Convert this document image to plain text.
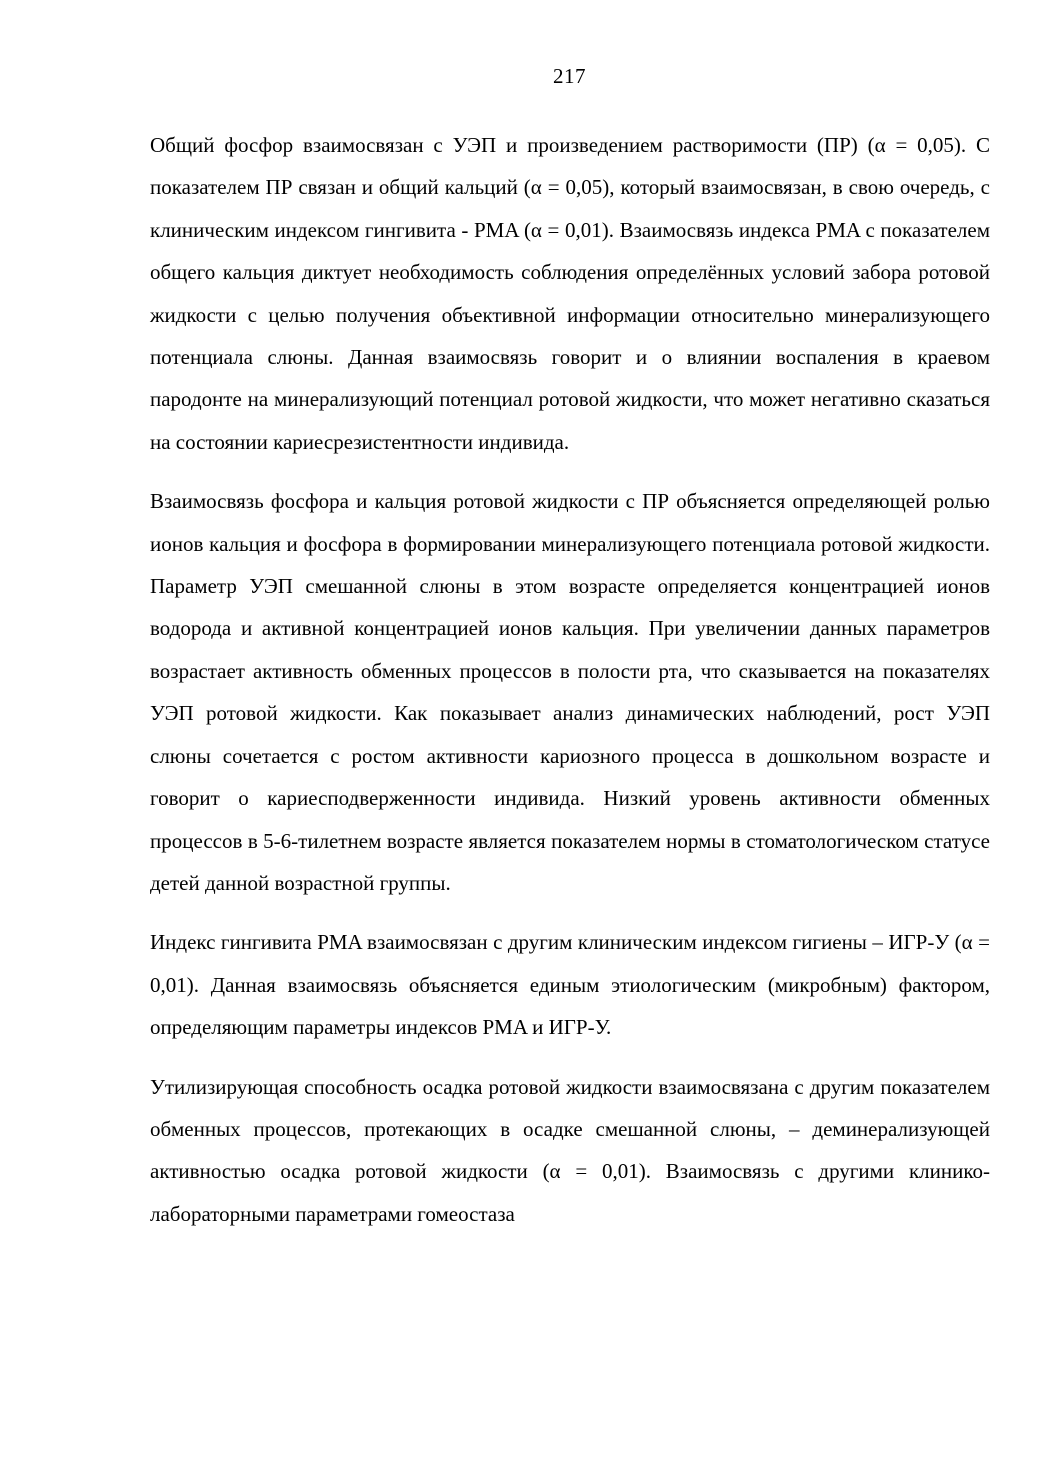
217

Общий фосфор взаимосвязан с УЭП и произведением растворимости (ПР) (α = 0,05). С показателем ПР связан и общий кальций (α = 0,05), который взаимосвязан, в свою очередь, с клиническим индексом гингивита - PMA (α = 0,01). Взаимосвязь индекса PMA с показателем общего кальция диктует необходимость соблюдения определённых условий забора ротовой жидкости с целью получения объективной информации относительно минерализующего потенциала слюны. Данная взаимосвязь говорит и о влиянии воспаления в краевом пародонте на минерализующий потенциал ротовой жидкости, что может негативно сказаться на состоянии кариесрезистентности индивида.

Взаимосвязь фосфора и кальция ротовой жидкости с ПР объясняется определяющей ролью ионов кальция и фосфора в формировании минерализующего потенциала ротовой жидкости. Параметр УЭП смешанной слюны в этом возрасте определяется концентрацией ионов водорода и активной концентрацией ионов кальция. При увеличении данных параметров возрастает активность обменных процессов в полости рта, что сказывается на показателях УЭП ротовой жидкости. Как показывает анализ динамических наблюдений, рост УЭП слюны сочетается с ростом активности кариозного процесса в дошкольном возрасте и говорит о кариесподверженности индивида. Низкий уровень активности обменных процессов в 5-6-тилетнем возрасте является показателем нормы в стоматологическом статусе детей данной возрастной группы.

Индекс гингивита PMA взаимосвязан с другим клиническим индексом гигиены – ИГР-У (α = 0,01). Данная взаимосвязь объясняется единым этиологическим (микробным) фактором, определяющим параметры индексов PMA и ИГР-У.

Утилизирующая способность осадка ротовой жидкости взаимосвязана с другим показателем обменных процессов, протекающих в осадке смешанной слюны, – деминерализующей активностью осадка ротовой жидкости (α = 0,01). Взаимосвязь с другими клинико-лабораторными параметрами гомеостаза
